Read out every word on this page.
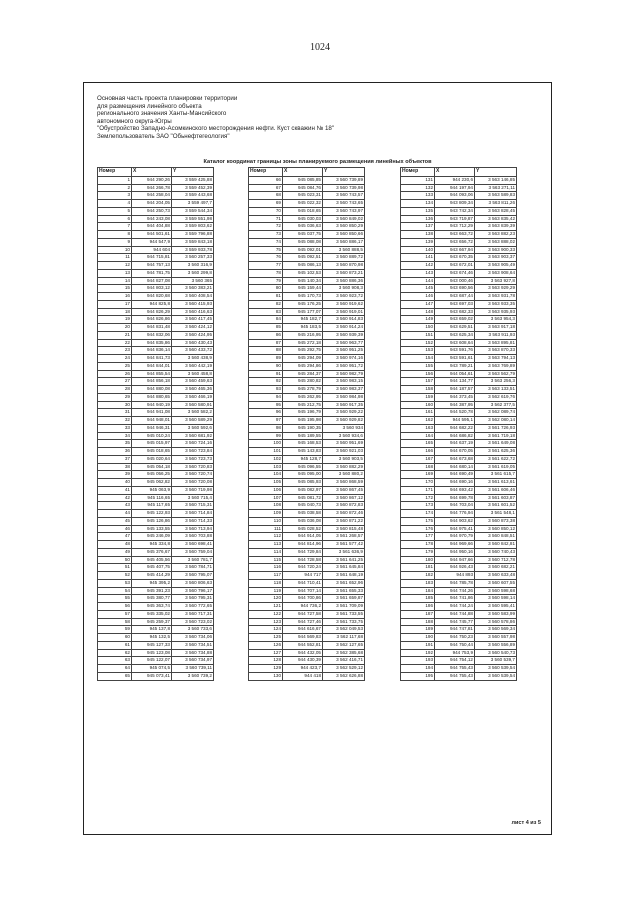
1024
Основная часть проекта планировки территории
для размещения линейного объекта
регионального значения Ханты-Мансийского
автономного округа-Югры
"Обустройство Западно-Асомкинского месторождения нефти. Куст скважин № 18"
Землепользователь ЗАО "Обьнефтегеология"
Каталог координат границы зоны планируемого размещения линейных объектов
Номер	X	Y
1	944 290,26	3 559 425,88
2	944 266,78	3 559 452,39
3	944 258,04	3 559 443,68
4	944 204,05	3 559 497,7
5	944 250,73	3 559 544,34
6	944 243,08	3 559 551,98
7	944 404,88	3 559 803,62
8	944 501,61	3 559 796,88
9	944 547,9	3 559 843,18
10	944 604	3 559 933,78
11	944 715,81	3 560 257,33
12	944 757,13	3 560 316,9
13	944 781,75	3 560 299,8
14	944 827,08	3 560 365
15	944 803,12	3 560 383,21
16	944 820,68	3 560 408,54
17	944 825,8	3 560 415,93
18	944 826,29	3 560 416,63
19	944 826,86	3 560 417,45
20	944 831,48	3 560 424,12
21	944 832,06	3 560 424,95
22	944 835,86	3 560 430,43
23	944 836,14	3 560 433,72
24	944 841,73	3 560 438,9
25	944 844,01	3 560 442,19
26	944 855,54	3 560 458,8
27	944 856,18	3 560 459,63
28	944 880,08	3 560 465,36
29	944 880,65	3 560 466,19
30	944 940,19	3 560 580,91
31	944 941,08	3 560 582,2
32	944 948,01	3 560 589,29
33	944 946,31	3 560 592,6
34	945 010,24	3 560 681,92
35	945 015,97	3 560 724,16
36	945 018,65	3 560 723,84
37	945 020,64	3 560 723,73
38	945 054,18	3 560 720,83
39	945 056,25	3 560 720,74
40	945 062,82	3 560 720,08
41	945 063,9	3 560 719,98
42	945 116,65	3 560 715,4
43	945 117,65	3 560 715,31
44	945 122,93	3 560 714,84
45	945 126,86	3 560 714,33
46	945 133,55	3 560 713,94
47	945 246,09	3 560 703,88
48	945 334,8	3 560 698,41
49	945 376,67	3 560 759,04
50	945 405,56	3 560 781,7
51	945 407,75	3 560 784,71
52	945 414,29	3 560 795,07
53	945 395,2	3 560 806,63
54	945 391,23	3 560 796,17
55	945 380,77	3 560 795,31
56	945 363,74	3 560 772,65
57	945 335,02	3 560 717,31
58	945 259,37	3 560 723,02
59	945 137,8	3 560 733,6
60	945 132,5	3 560 734,06
61	945 127,33	3 560 734,51
62	945 123,08	3 560 734,88
63	945 122,07	3 560 734,97
64	945 074,5	3 560 739,11
65	945 073,41	3 560 739,2
Номер	X	Y
66	945 085,85	3 560 739,89
67	945 084,76	3 560 739,98
68	945 023,31	3 560 743,57
69	945 022,32	3 560 743,65
70	945 018,65	3 560 743,97
71	945 030,03	3 560 849,02
72	945 036,63	3 560 850,29
73	945 037,75	3 560 850,66
74	945 088,08	3 560 886,17
75	945 092,01	3 560 888,5
76	945 092,51	3 560 889,72
77	945 086,13	3 560 870,98
78	945 102,53	3 560 873,21
79	945 140,34	3 560 886,36
80	945 159,44	3 560 908,3
81	945 170,73	3 560 923,72
82	945 176,25	3 560 919,62
83	945 177,07	3 560 919,01
84	945 182,7	3 560 914,83
85	945 183,5	3 560 914,24
86	945 216,95	3 560 939,39
87	945 272,18	3 560 963,77
88	945 292,75	3 560 951,25
89	945 294,09	3 560 974,16
90	945 294,86	3 560 951,72
91	945 284,37	3 560 982,79
92	945 280,82	3 560 983,15
93	945 278,79	3 560 983,37
94	945 262,95	3 560 984,98
95	945 212,75	3 560 917,35
96	945 196,79	3 560 929,22
97	945 195,98	3 560 929,82
98	945 190,35	3 560 934
99	945 189,55	3 560 934,6
100	945 168,53	3 560 951,69
101	945 143,83	3 560 921,03
102	945 128,7	3 560 903,5
103	945 096,55	3 560 882,29
104	945 095,00	3 560 880,2
105	945 085,93	3 560 868,59
106	945 082,97	3 560 867,45
107	945 081,72	3 560 867,12
108	945 040,73	3 560 872,83
109	945 038,58	3 560 872,46
110	945 036,08	3 560 871,22
111	945 028,52	3 560 815,48
112	944 914,05	3 561 268,57
113	944 814,96	3 561 577,42
114	944 729,84	3 561 636,9
115	944 728,58	3 561 641,25
116	944 720,24	3 561 645,84
117	944 717	3 561 648,19
118	944 710,41	3 561 652,96
119	944 707,14	3 561 655,33
120	944 700,86	3 561 659,87
121	944 736,2	3 561 709,09
122	944 727,58	3 561 733,55
123	944 727,46	3 561 733,75
124	944 616,67	3 562 049,53
125	944 569,83	3 562 117,68
126	944 552,81	3 562 127,65
127	944 432,05	3 562 385,68
128	944 430,39	3 562 416,71
129	944 423,7	3 562 529,12
130	944 418	3 562 626,88
Номер	X	Y
131	944 230,6	3 563 146,85
132	944 197,94	3 563 271,11
133	944 093,06	3 563 589,83
134	943 809,34	3 563 811,26
135	943 742,34	3 563 828,45
136	943 719,87	3 563 835,42
137	943 712,29	3 563 839,39
138	943 663,72	3 563 882,23
139	943 656,72	3 563 888,02
140	943 667,94	3 563 900,33
141	943 670,35	3 563 903,37
142	943 672,01	3 563 905,49
143	943 674,46	3 563 908,64
144	943 000,46	3 563 927,8
145	943 690,56	3 563 929,29
146	943 687,44	3 563 931,78
147	943 697,03	3 563 933,35
148	943 682,33	3 563 935,93
149	943 659,02	3 563 954,3
150	943 629,51	3 563 917,18
151	943 625,34	3 563 911,93
152	943 608,64	3 563 895,81
153	943 591,76	3 563 870,33
154	943 591,61	3 563 794,13
155	943 789,21	3 563 769,89
156	944 054,61	3 563 562,79
157	944 134,77	3 563 256,3
158	944 187,57	3 563 133,51
159	944 373,45	3 562 619,76
160	944 387,95	3 562 377,5
161	944 520,78	3 562 089,74
162	944 595,1	3 562 080,14
163	944 682,22	3 561 726,93
164	944 686,82	3 561 719,18
165	944 637,19	3 561 649,08
166	944 670,05	3 561 625,36
167	944 673,68	3 561 622,72
168	944 680,14	3 561 619,05
169	944 690,49	3 561 615,7
170	944 690,16	3 561 613,61
171	944 693,42	3 561 606,46
172	944 699,78	3 561 603,87
173	944 703,04	3 561 601,52
174	944 776,94	3 561 548,1
175	944 903,62	3 560 873,38
176	944 975,41	3 560 850,12
177	944 970,79	3 560 848,51
178	944 969,66	3 560 842,81
179	944 950,16	3 560 740,43
180	944 947,66	3 560 712,78
181	944 926,43	3 560 682,21
182	944 893	3 560 633,48
183	944 785,78	3 560 607,55
184	944 744,26	3 560 598,68
185	944 741,86	3 560 598,14
186	944 744,24	3 560 595,41
187	944 744,88	3 560 583,99
188	944 745,77	3 560 578,86
189	944 747,81	3 560 569,34
190	944 750,23	3 560 557,98
191	944 750,44	3 560 556,89
192	944 753,9	3 560 540,73
193	944 754,12	3 560 539,7
194	944 755,43	3 560 539,54
195	944 755,43	3 560 539,54
лист 4 из 5
